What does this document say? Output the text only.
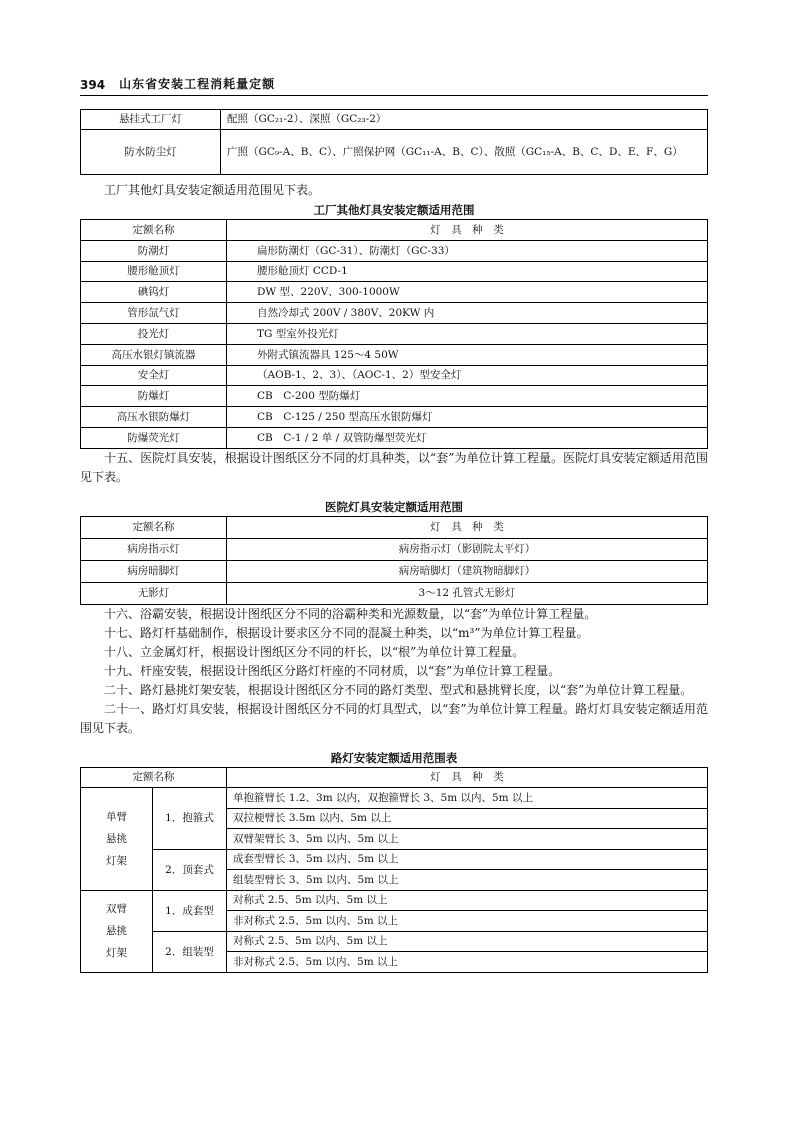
394 山东省安装工程消耗量定额
悬挂式工厂灯	配照（GC₂₁-2）、深照（GC₂₃-2）
防水防尘灯	广照（GC₉-A、B、C）、广照保护网（GC₁₁-A、B、C）、散照（GC₁₅-A、B、C、D、E、F、G）

工厂其他灯具安装定额适用范围见下表。

工厂其他灯具安装定额适用范围
定额名称	灯　具　种　类
防潮灯	扁形防潮灯（GC-31）、防潮灯（GC-33）
腰形舱顶灯	腰形舱顶灯 CCD-1
碘钨灯	DW 型、220V、300-1000W
管形氙气灯	自然冷却式 200V / 380V、20KW 内
投光灯	TG 型室外投光灯
高压水银灯镇流器	外附式镇流器具 125～4 50W
安全灯	（AOB-1、2、3）、（AOC-1、2）型安全灯
防爆灯	CB　C-200 型防爆灯
高压水银防爆灯	CB　C-125 / 250 型高压水银防爆灯
防爆荧光灯	CB　C-1 / 2 单 / 双管防爆型荧光灯

十五、医院灯具安装，根据设计图纸区分不同的灯具种类，以“套”为单位计算工程量。医院灯具安装定额适用范围见下表。

医院灯具安装定额适用范围
定额名称	灯　具　种　类
病房指示灯	病房指示灯（影剧院太平灯）
病房暗脚灯	病房暗脚灯（建筑物暗脚灯）
无影灯	3～12 孔管式无影灯

十六、浴霸安装，根据设计图纸区分不同的浴霸种类和光源数量，以“套”为单位计算工程量。

十七、路灯杆基础制作，根据设计要求区分不同的混凝土种类，以“m³”为单位计算工程量。

十八、立金属灯杆，根据设计图纸区分不同的杆长，以“根”为单位计算工程量。

十九、杆座安装，根据设计图纸区分路灯杆座的不同材质，以“套”为单位计算工程量。

二十、路灯悬挑灯架安装，根据设计图纸区分不同的路灯类型、型式和悬挑臂长度，以“套”为单位计算工程量。

二十一、路灯灯具安装，根据设计图纸区分不同的灯具型式，以“套”为单位计算工程量。路灯灯具安装定额适用范围见下表。

路灯安装定额适用范围表
定额名称		灯　具　种　类

单臂
悬挑
灯架	1．抱箍式	单抱箍臂长 1.2、3m 以内，双抱箍臂长 3、5m 以内、5m 以上
		双拉梗臂长 3.5m 以内、5m 以上
		双臂架臂长 3、5m 以内、5m 以上
	2．顶套式	成套型臂长 3、5m 以内、5m 以上
		组装型臂长 3、5m 以内、5m 以上

双臂
悬挑
灯架	1．成套型	对称式 2.5、5m 以内、5m 以上
		非对称式 2.5、5m 以内、5m 以上
	2．组装型	对称式 2.5、5m 以内、5m 以上
		非对称式 2.5、5m 以内、5m 以上
